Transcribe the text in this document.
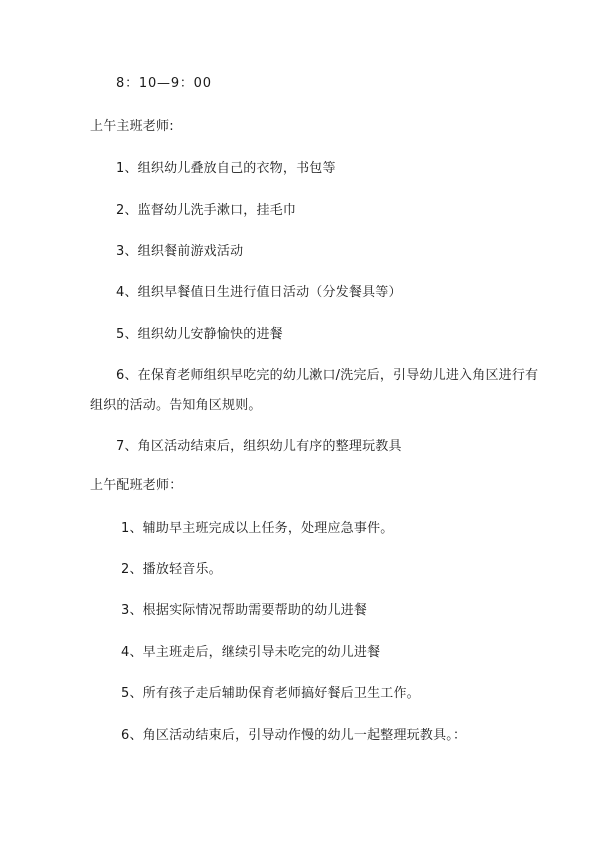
8：10—9：00
上午主班老师:
1、组织幼儿叠放自己的衣物，书包等
2、监督幼儿洗手漱口，挂毛巾
3、组织餐前游戏活动
4、组织早餐值日生进行值日活动（分发餐具等）
5、组织幼儿安静愉快的进餐
6、在保育老师组织早吃完的幼儿漱口/洗完后，引导幼儿进入角区进行有
组织的活动。告知角区规则。
7、角区活动结束后，组织幼儿有序的整理玩教具
上午配班老师：
1、辅助早主班完成以上任务，处理应急事件。
2、播放轻音乐。
3、根据实际情况帮助需要帮助的幼儿进餐
4、早主班走后，继续引导未吃完的幼儿进餐
5、所有孩子走后辅助保育老师搞好餐后卫生工作。
6、角区活动结束后，引导动作慢的幼儿一起整理玩教具。：
